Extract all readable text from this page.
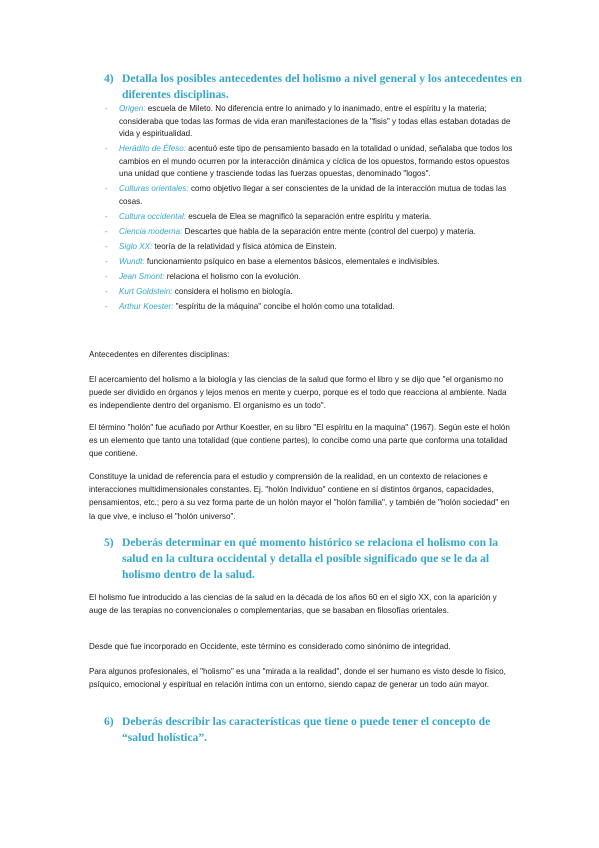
4) Detalla los posibles antecedentes del holismo a nivel general y los antecedentes en diferentes disciplinas.
- Origen: escuela de Mileto. No diferencia entre lo animado y lo inanimado, entre el espíritu y la materia; consideraba que todas las formas de vida eran manifestaciones de la "fisis" y todas ellas estaban dotadas de vida y espiritualidad.
- Herádito de Éfeso: acentuó este tipo de pensamiento basado en la totalidad o unidad, señalaba que todos los cambios en el mundo ocurren por la interacción dinámica y cíclica de los opuestos, formando estos opuestos una unidad que contiene y trasciende todas las fuerzas opuestas, denominado "logos".
- Culturas orientales: como objetivo llegar a ser conscientes de la unidad de la interacción mutua de todas las cosas.
- Cultura occidental: escuela de Elea se magnificó la separación entre espíritu y materia.
- Ciencia moderna: Descartes que habla de la separación entre mente (control del cuerpo) y materia.
- Siglo XX: teoría de la relatividad y física atómica de Einstein.
- Wundt: funcionamiento psíquico en base a elementos básicos, elementales e indivisibles.
- Jean Smont: relaciona el holismo con la evolución.
- Kurt Goldstein: considera el holismo en biología.
- Arthur Koester: "espíritu de la máquina" concibe el holón como una totalidad.

Antecedentes en diferentes disciplinas:

El acercamiento del holismo a la biología y las ciencias de la salud que formo el libro y se dijo que "el organismo no puede ser dividido en órganos y lejos menos en mente y cuerpo, porque es el todo que reacciona al ambiente. Nada es independiente dentro del organismo. El organismo es un todo".

El término "holón" fue acuñado por Arthur Koestler, en su libro "El espíritu en la maquina" (1967). Según este el holón es un elemento que tanto una totalidad (que contiene partes), lo concibe como una parte que conforma una totalidad que contiene.

Constituye la unidad de referencia para el estudio y comprensión de la realidad, en un contexto de relaciones e interacciones multidimensionales constantes. Ej. "holón Individuo" contiene en sí distintos órganos, capacidades, pensamientos, etc.; pero a su vez forma parte de un holón mayor el "holón familia", y también de "holón sociedad" en la que vive, e incluso el "holón universo".

5) Deberás determinar en qué momento histórico se relaciona el holismo con la salud en la cultura occidental y detalla el posible significado que se le da al holismo dentro de la salud.

El holismo fue introducido a las ciencias de la salud en la década de los años 60 en el siglo XX, con la aparición y auge de las terapias no convencionales o complementarias, que se basaban en filosofías orientales.

Desde que fue incorporado en Occidente, este término es considerado como sinónimo de integridad.

Para algunos profesionales, el "holismo" es una "mirada a la realidad", donde el ser humano es visto desde lo físico, psíquico, emocional y espiritual en relación íntima con un entorno, siendo capaz de generar un todo aún mayor.

6) Deberás describir las características que tiene o puede tener el concepto de “salud holística”.
